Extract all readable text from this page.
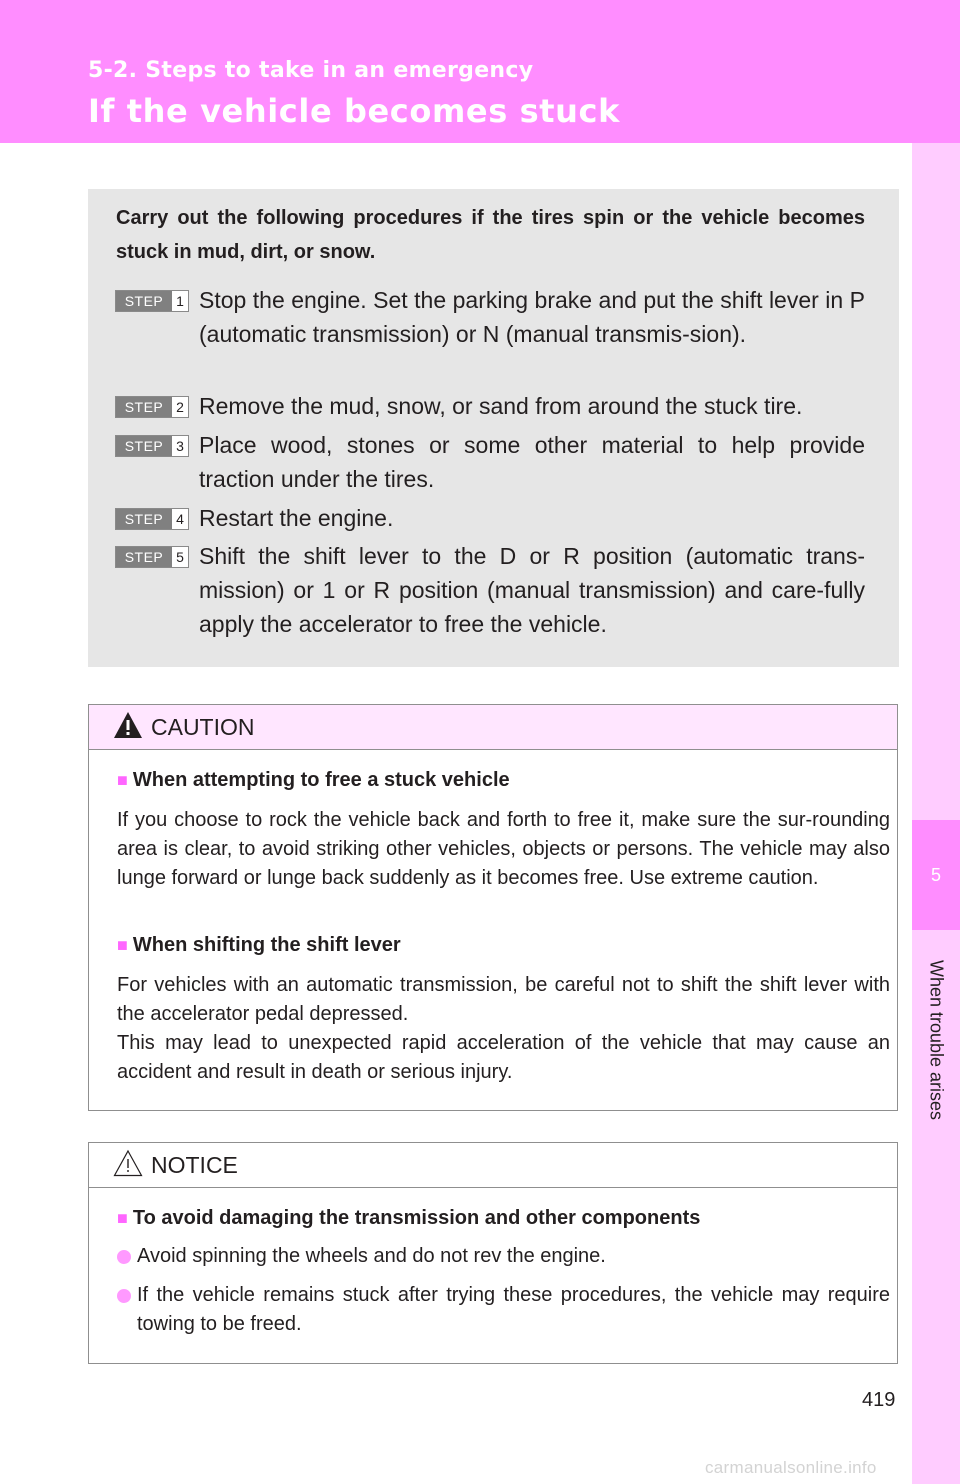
5-2. Steps to take in an emergency
If the vehicle becomes stuck
5
When trouble arises

Carry out the following procedures if the tires spin or the vehicle becomes stuck in mud, dirt, or snow.

STEP 1 Stop the engine. Set the parking brake and put the shift lever in P (automatic transmission) or N (manual transmis-sion).

STEP 2 Remove the mud, snow, or sand from around the stuck tire.

STEP 3 Place wood, stones or some other material to help provide traction under the tires.

STEP 4 Restart the engine.

STEP 5 Shift the shift lever to the D or R position (automatic trans-mission) or 1 or R position (manual transmission) and care-fully apply the accelerator to free the vehicle.

CAUTION

■ When attempting to free a stuck vehicle

If you choose to rock the vehicle back and forth to free it, make sure the sur-rounding area is clear, to avoid striking other vehicles, objects or persons. The vehicle may also lunge forward or lunge back suddenly as it becomes free. Use extreme caution.

■ When shifting the shift lever

For vehicles with an automatic transmission, be careful not to shift the shift lever with the accelerator pedal depressed.

This may lead to unexpected rapid acceleration of the vehicle that may cause an accident and result in death or serious injury.

NOTICE

■ To avoid damaging the transmission and other components

Avoid spinning the wheels and do not rev the engine.
If the vehicle remains stuck after trying these procedures, the vehicle may require towing to be freed.
419
carmanualsonline.info
